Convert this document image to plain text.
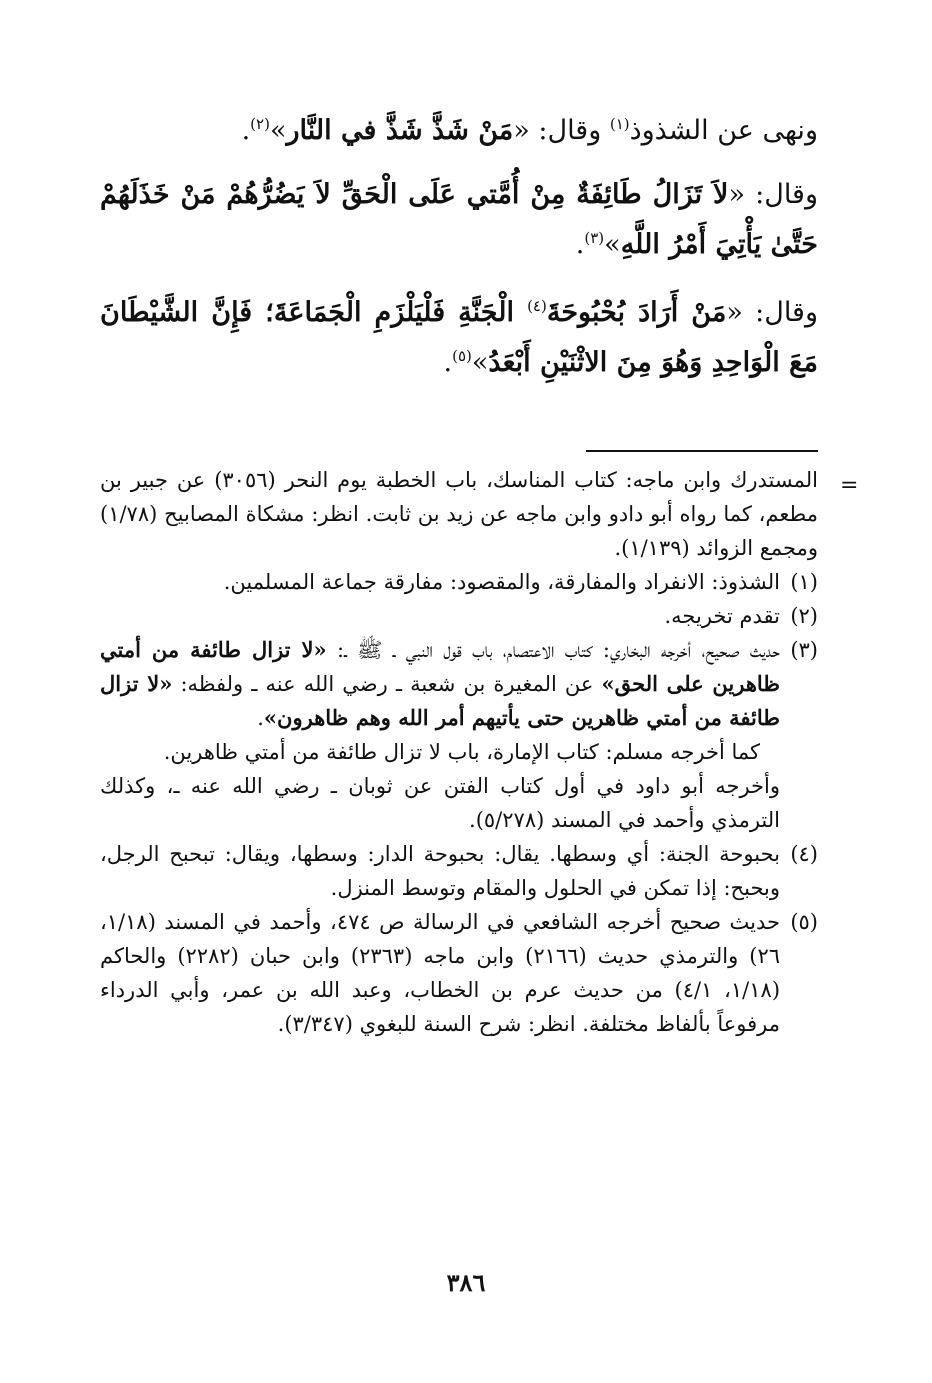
ونهى عن الشذوذ$^{(١)}$ وقال: «مَنْ شَذَّ شَذَّ في النَّار»$^{(٢)}$.

وقال: «لاَ تَزَالُ طَائِفَةٌ مِنْ أُمَّتي عَلَى الْحَقِّ لاَ يَضُرُّهُمْ مَنْ خَذَلَهُمْ حَتَّىٰ يَأْتِيَ أَمْرُ اللَّهِ»$^{(٣)}$.

وقال: «مَنْ أَرَادَ بُحْبُوحَةَ$^{(٤)}$ الْجَنَّةِ فَلْيَلْزَمِ الْجَمَاعَةَ؛ فَإِنَّ الشَّيْطَانَ مَعَ الْوَاحِدِ وَهُوَ مِنَ الاثْنَيْنِ أَبْعَدُ»$^{(٥)}$.

=

المستدرك وابن ماجه: كتاب المناسك، باب الخطبة يوم النحر (٣٠٥٦) عن جبير بن مطعم، كما رواه أبو دادو وابن ماجه عن زيد بن ثابت. انظر: مشكاة المصابيح (١/٧٨) ومجمع الزوائد (١/١٣٩).

(١)
الشذوذ: الانفراد والمفارقة، والمقصود: مفارقة جماعة المسلمين.
(٢)
تقدم تخريجه.
(٣)
حديث صحيح، أخرجه البخاري: كتاب الاعتصام، باب قول النبي ـ ﷺ ـ: «لا تزال طائفة من أمتي ظاهرين على الحق» عن المغيرة بن شعبة ـ رضي الله عنه ـ ولفظه: «لا تزال طائفة من أمتي ظاهرين حتى يأتيهم أمر الله وهم ظاهرون».

كما أخرجه مسلم: كتاب الإمارة، باب لا تزال طائفة من أمتي ظاهرين.

وأخرجه أبو داود في أول كتاب الفتن عن ثوبان ـ رضي الله عنه ـ، وكذلك الترمذي وأحمد في المسند (٥/٢٧٨).

(٤)
بحبوحة الجنة: أي وسطها. يقال: بحبوحة الدار: وسطها، ويقال: تبحبح الرجل، وبحبح: إذا تمكن في الحلول والمقام وتوسط المنزل.
(٥)
حديث صحيح أخرجه الشافعي في الرسالة ص ٤٧٤، وأحمد في المسند (١/١٨، ٢٦) والترمذي حديث (٢١٦٦) وابن ماجه (٢٣٦٣) وابن حبان (٢٢٨٢) والحاكم (١/١٨، ٤/١) من حديث عرم بن الخطاب، وعبد الله بن عمر، وأبي الدرداء مرفوعاً بألفاظ مختلفة. انظر: شرح السنة للبغوي (٣/٣٤٧).
٣٨٦
